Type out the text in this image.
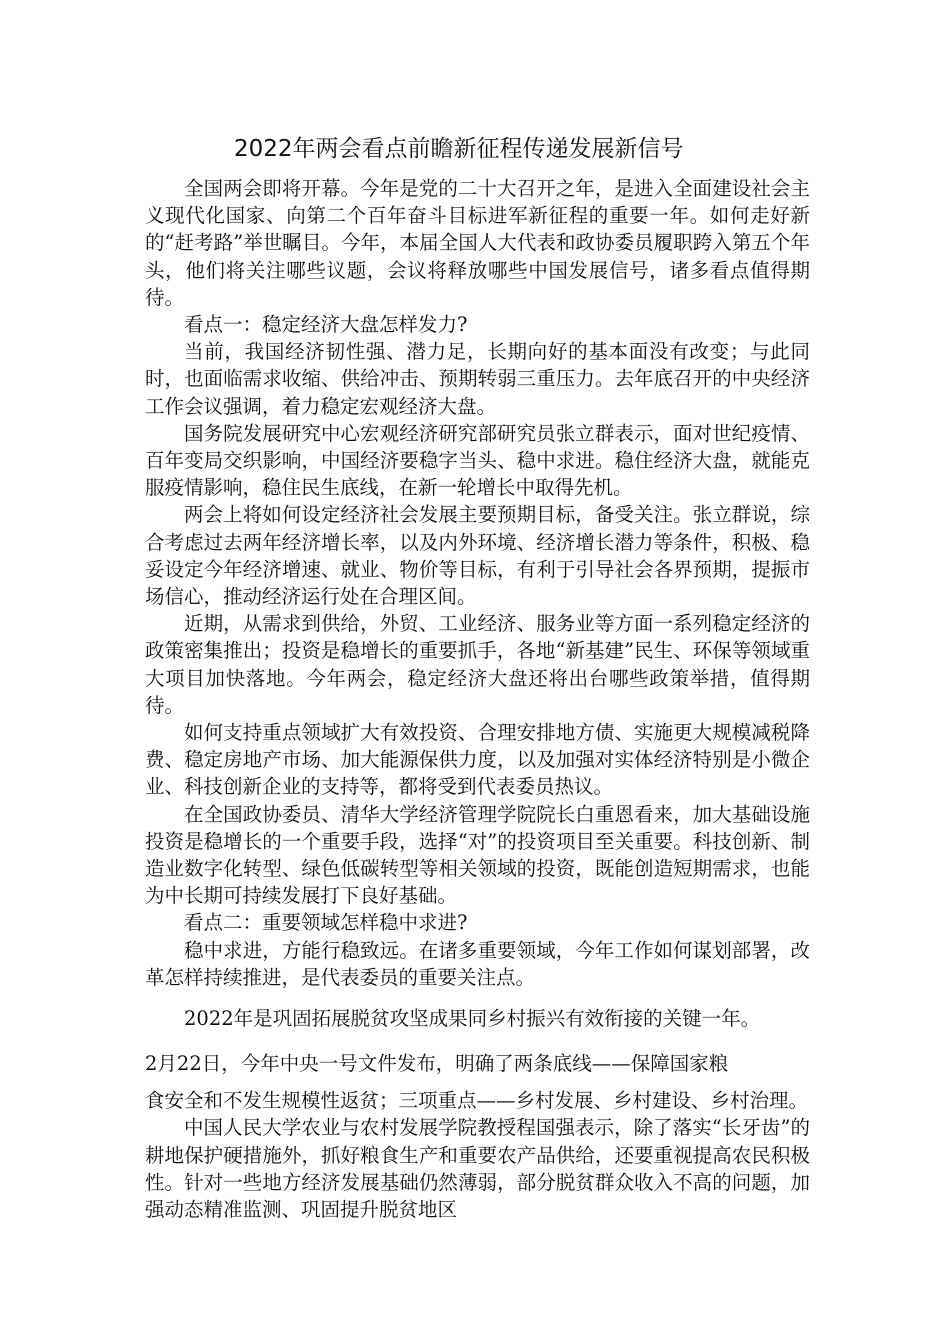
2022年两会看点前瞻新征程传递发展新信号

全国两会即将开幕。今年是党的二十大召开之年，是进入全面建设社会主义现代化国家、向第二个百年奋斗目标进军新征程的重要一年。如何走好新的“赶考路”举世瞩目。今年，本届全国人大代表和政协委员履职跨入第五个年头，他们将关注哪些议题，会议将释放哪些中国发展信号，诸多看点值得期待。

看点一：稳定经济大盘怎样发力?

当前，我国经济韧性强、潜力足，长期向好的基本面没有改变；与此同时，也面临需求收缩、供给冲击、预期转弱三重压力。去年底召开的中央经济工作会议强调，着力稳定宏观经济大盘。

国务院发展研究中心宏观经济研究部研究员张立群表示，面对世纪疫情、百年变局交织影响，中国经济要稳字当头、稳中求进。稳住经济大盘，就能克服疫情影响，稳住民生底线，在新一轮增长中取得先机。

两会上将如何设定经济社会发展主要预期目标，备受关注。张立群说，综合考虑过去两年经济增长率，以及内外环境、经济增长潜力等条件，积极、稳妥设定今年经济增速、就业、物价等目标，有利于引导社会各界预期，提振市场信心，推动经济运行处在合理区间。

近期，从需求到供给，外贸、工业经济、服务业等方面一系列稳定经济的政策密集推出；投资是稳增长的重要抓手，各地“新基建”民生、环保等领域重大项目加快落地。今年两会，稳定经济大盘还将出台哪些政策举措，值得期待。

如何支持重点领域扩大有效投资、合理安排地方债、实施更大规模减税降费、稳定房地产市场、加大能源保供力度，以及加强对实体经济特别是小微企业、科技创新企业的支持等，都将受到代表委员热议。

在全国政协委员、清华大学经济管理学院院长白重恩看来，加大基础设施投资是稳增长的一个重要手段，选择“对”的投资项目至关重要。科技创新、制造业数字化转型、绿色低碳转型等相关领域的投资，既能创造短期需求，也能为中长期可持续发展打下良好基础。

看点二：重要领域怎样稳中求进?

稳中求进，方能行稳致远。在诸多重要领域，今年工作如何谋划部署，改革怎样持续推进，是代表委员的重要关注点。

2022年是巩固拓展脱贫攻坚成果同乡村振兴有效衔接的关键一年。

2月22日，今年中央一号文件发布，明确了两条底线——保障国家粮

食安全和不发生规模性返贫；三项重点——乡村发展、乡村建设、乡村治理。

中国人民大学农业与农村发展学院教授程国强表示，除了落实“长牙齿”的耕地保护硬措施外，抓好粮食生产和重要农产品供给，还要重视提高农民积极性。针对一些地方经济发展基础仍然薄弱，部分脱贫群众收入不高的问题，加强动态精准监测、巩固提升脱贫地区
